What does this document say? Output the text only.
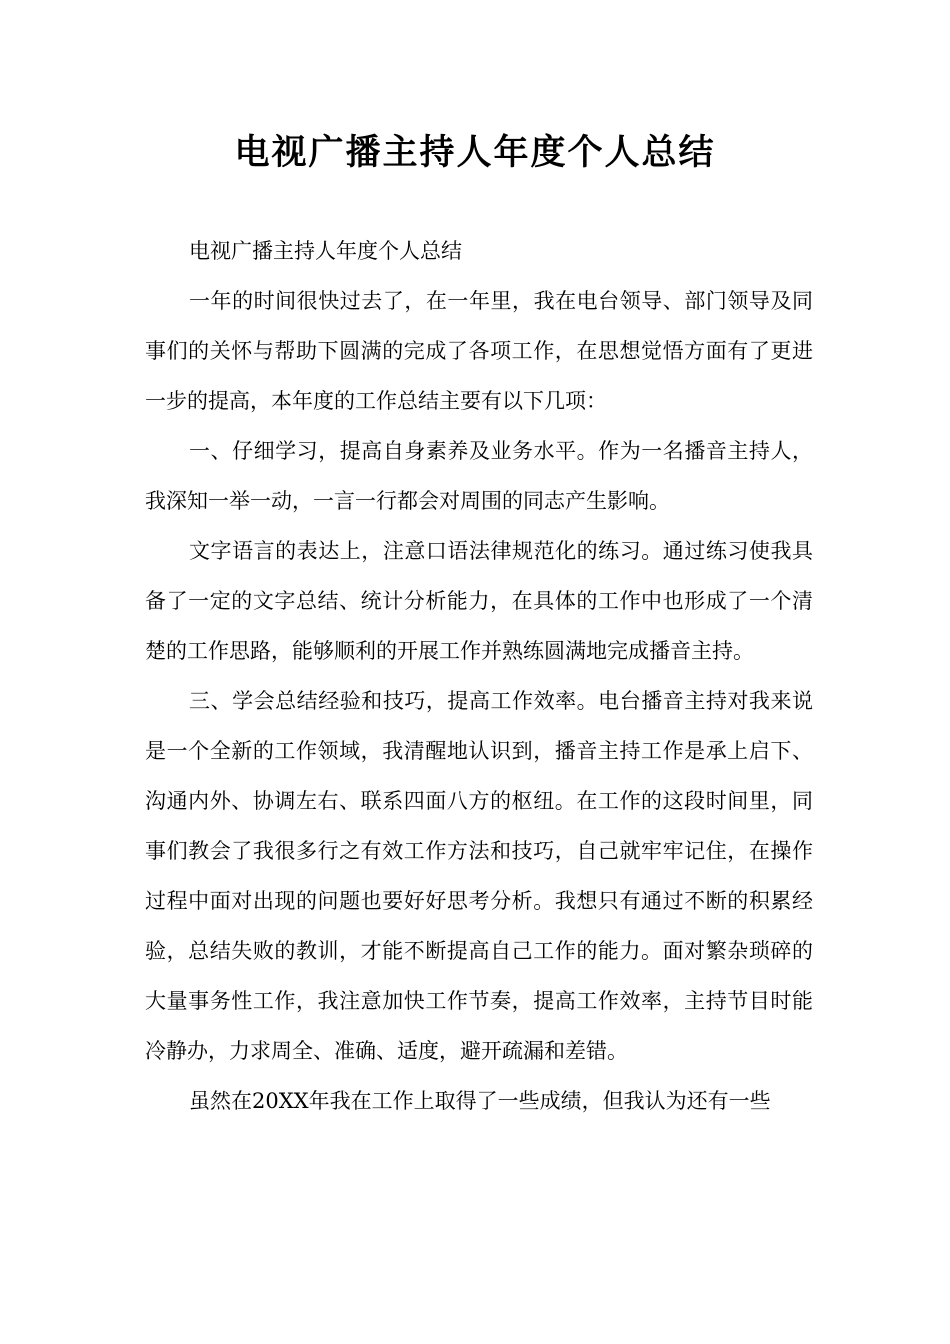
电视广播主持人年度个人总结

电视广播主持人年度个人总结

一年的时间很快过去了，在一年里，我在电台领导、部门领导及同事们的关怀与帮助下圆满的完成了各项工作，在思想觉悟方面有了更进一步的提高，本年度的工作总结主要有以下几项：

一、仔细学习，提高自身素养及业务水平。作为一名播音主持人，我深知一举一动，一言一行都会对周围的同志产生影响。

文字语言的表达上，注意口语法律规范化的练习。通过练习使我具备了一定的文字总结、统计分析能力，在具体的工作中也形成了一个清楚的工作思路，能够顺利的开展工作并熟练圆满地完成播音主持。

三、学会总结经验和技巧，提高工作效率。电台播音主持对我来说是一个全新的工作领域，我清醒地认识到，播音主持工作是承上启下、沟通内外、协调左右、联系四面八方的枢纽。在工作的这段时间里，同事们教会了我很多行之有效工作方法和技巧，自己就牢牢记住，在操作过程中面对出现的问题也要好好思考分析。我想只有通过不断的积累经验，总结失败的教训，才能不断提高自己工作的能力。面对繁杂琐碎的大量事务性工作，我注意加快工作节奏，提高工作效率，主持节目时能冷静办，力求周全、准确、适度，避开疏漏和差错。

虽然在20XX年我在工作上取得了一些成绩，但我认为还有一些
